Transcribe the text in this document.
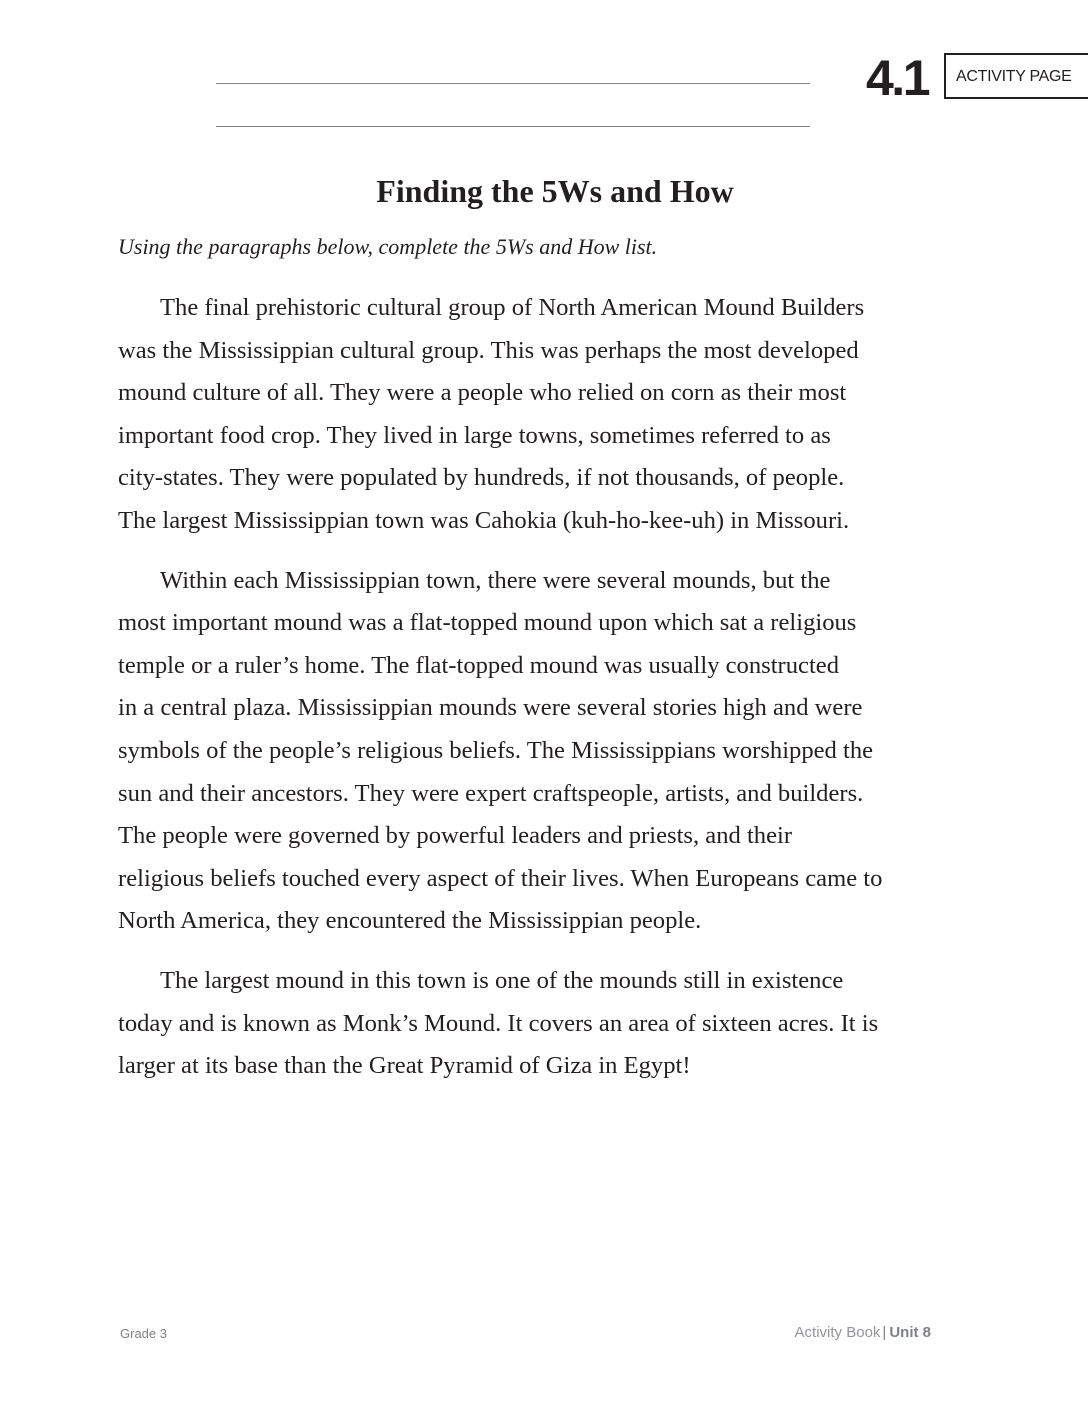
4.1 ACTIVITY PAGE
Finding the 5Ws and How
Using the paragraphs below, complete the 5Ws and How list.
The final prehistoric cultural group of North American Mound Builders
was the Mississippian cultural group. This was perhaps the most developed
mound culture of all. They were a people who relied on corn as their most
important food crop. They lived in large towns, sometimes referred to as
city-states. They were populated by hundreds, if not thousands, of people.
The largest Mississippian town was Cahokia (kuh-ho-kee-uh) in Missouri.
Within each Mississippian town, there were several mounds, but the
most important mound was a flat-topped mound upon which sat a religious
temple or a ruler’s home. The flat-topped mound was usually constructed
in a central plaza. Mississippian mounds were several stories high and were
symbols of the people’s religious beliefs. The Mississippians worshipped the
sun and their ancestors. They were expert craftspeople, artists, and builders.
The people were governed by powerful leaders and priests, and their
religious beliefs touched every aspect of their lives. When Europeans came to
North America, they encountered the Mississippian people.
The largest mound in this town is one of the mounds still in existence
today and is known as Monk’s Mound. It covers an area of sixteen acres. It is
larger at its base than the Great Pyramid of Giza in Egypt!
Grade 3	Activity Book | Unit 8
